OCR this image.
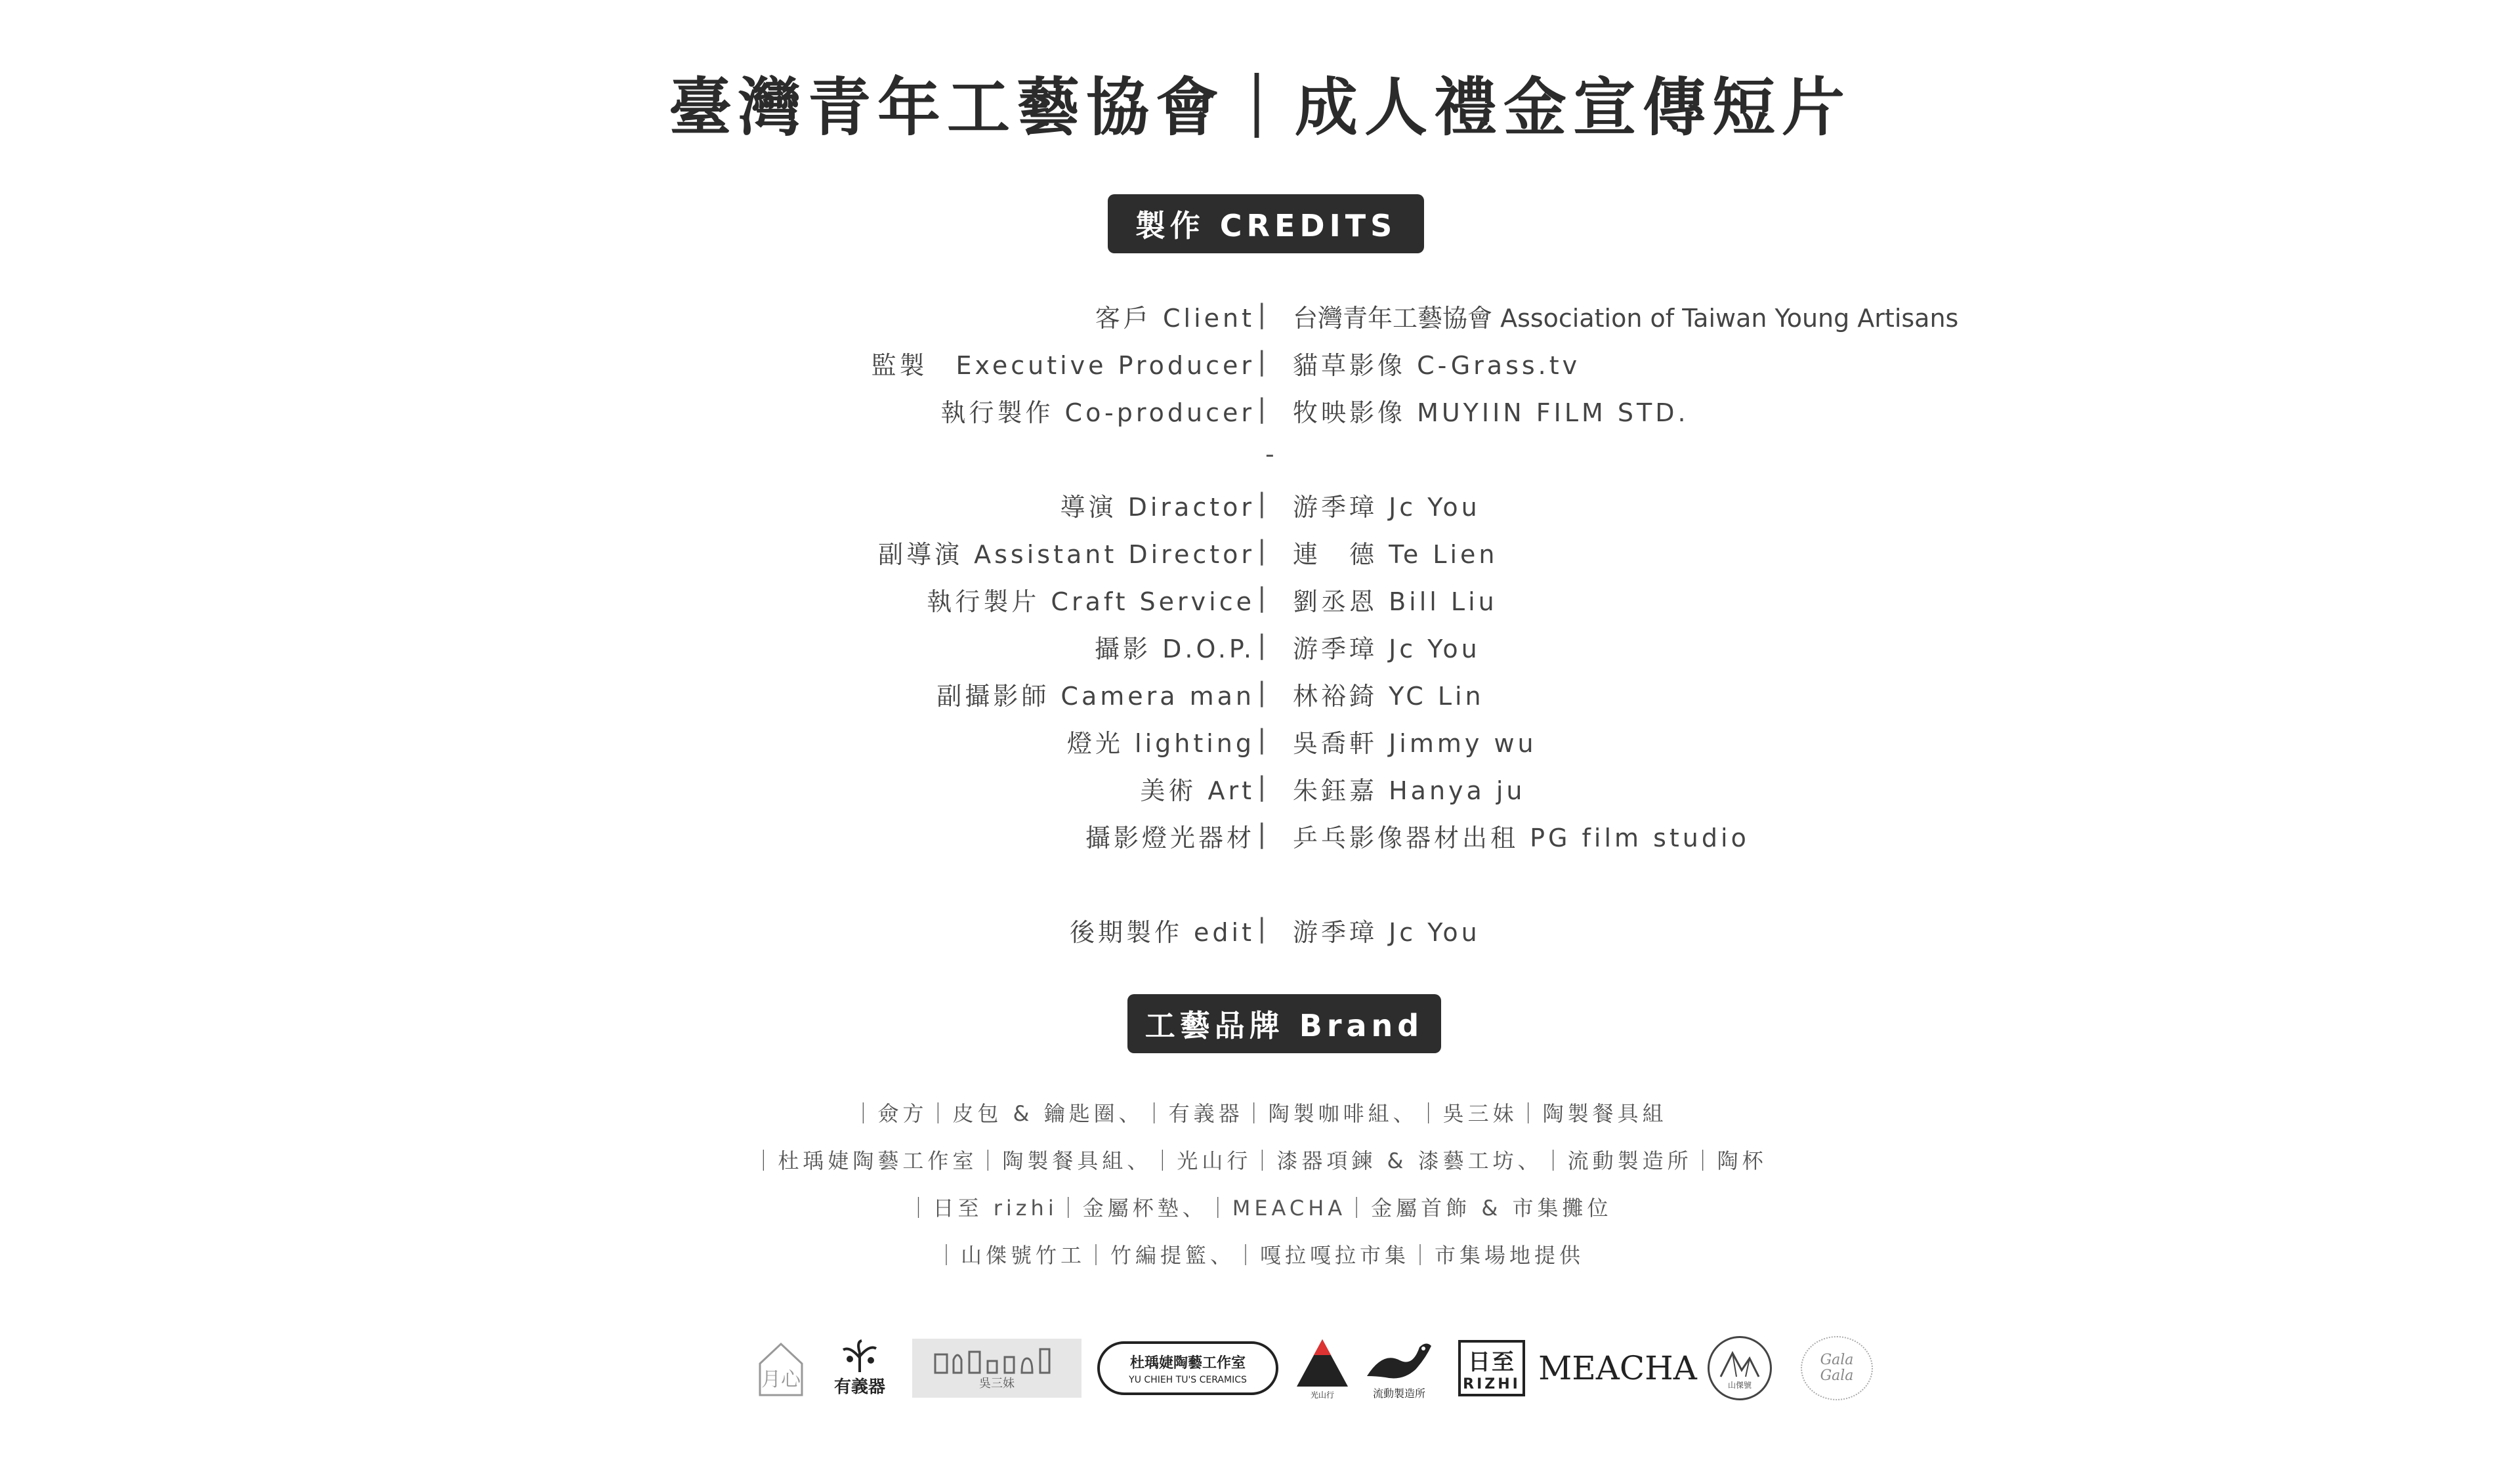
臺灣青年工藝協會｜成人禮金宣傳短片
製作 CREDITS
客戶 Client | 台灣青年工藝協會 Association of Taiwan Young Artisans
監製　Executive Producer | 貓草影像 C-Grass.tv
執行製作 Co-producer | 牧映影像 MUYIIN FILM STD.
-
導演 Diractor | 游季璋 Jc You
副導演 Assistant Director | 連　德 Te Lien
執行製片 Craft Service | 劉丞恩 Bill Liu
攝影 D.O.P. | 游季璋 Jc You
副攝影師 Camera man | 林裕錡 YC Lin
燈光 lighting | 吳喬軒 Jimmy wu
美術 Art | 朱鈺嘉 Hanya ju
攝影燈光器材 | 乒乓影像器材出租 PG film studio
後期製作 edit | 游季璋 Jc You
工藝品牌 Brand
｜僉方｜皮包 & 鑰匙圈、｜有義器｜陶製咖啡組、｜吳三妹｜陶製餐具組
｜杜瑀婕陶藝工作室｜陶製餐具組、｜光山行｜漆器項鍊 & 漆藝工坊、｜流動製造所｜陶杯
｜日至 rizhi｜金屬杯墊、｜MEACHA｜金屬首飾 & 市集攤位
｜山傑號竹工｜竹編提籃、｜嘎拉嘎拉市集｜市集場地提供
月心 有義器	吳三妹
杜瑀婕陶藝工作室
YU CHIEH TU'S CERAMICS
光山行	流動製造所
日至
RIZHI MEACHA	山傑號
Gala Gala
